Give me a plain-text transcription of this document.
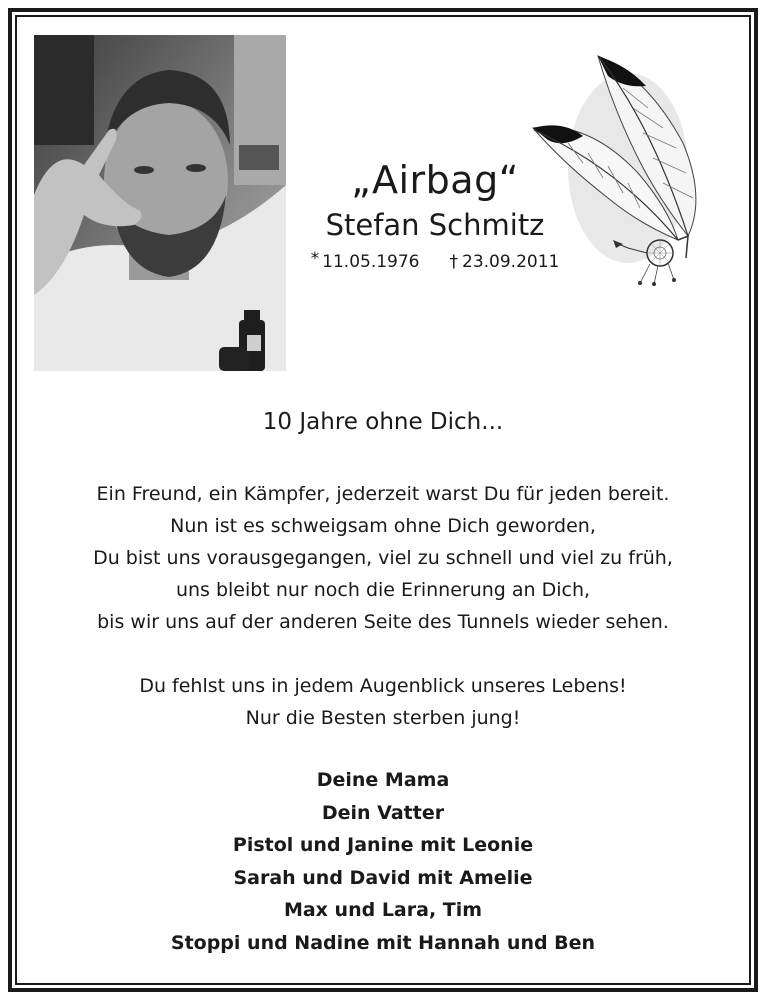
„Airbag“
Stefan Schmitz
* 11.05.1976 † 23.09.2011
10 Jahre ohne Dich...
Ein Freund, ein Kämpfer, jederzeit warst Du für jeden bereit.
Nun ist es schweigsam ohne Dich geworden,
Du bist uns vorausgegangen, viel zu schnell und viel zu früh,
uns bleibt nur noch die Erinnerung an Dich,
bis wir uns auf der anderen Seite des Tunnels wieder sehen.
Du fehlst uns in jedem Augenblick unseres Lebens!
Nur die Besten sterben jung!
Deine Mama
Dein Vatter
Pistol und Janine mit Leonie
Sarah und David mit Amelie
Max und Lara, Tim
Stoppi und Nadine mit Hannah und Ben
